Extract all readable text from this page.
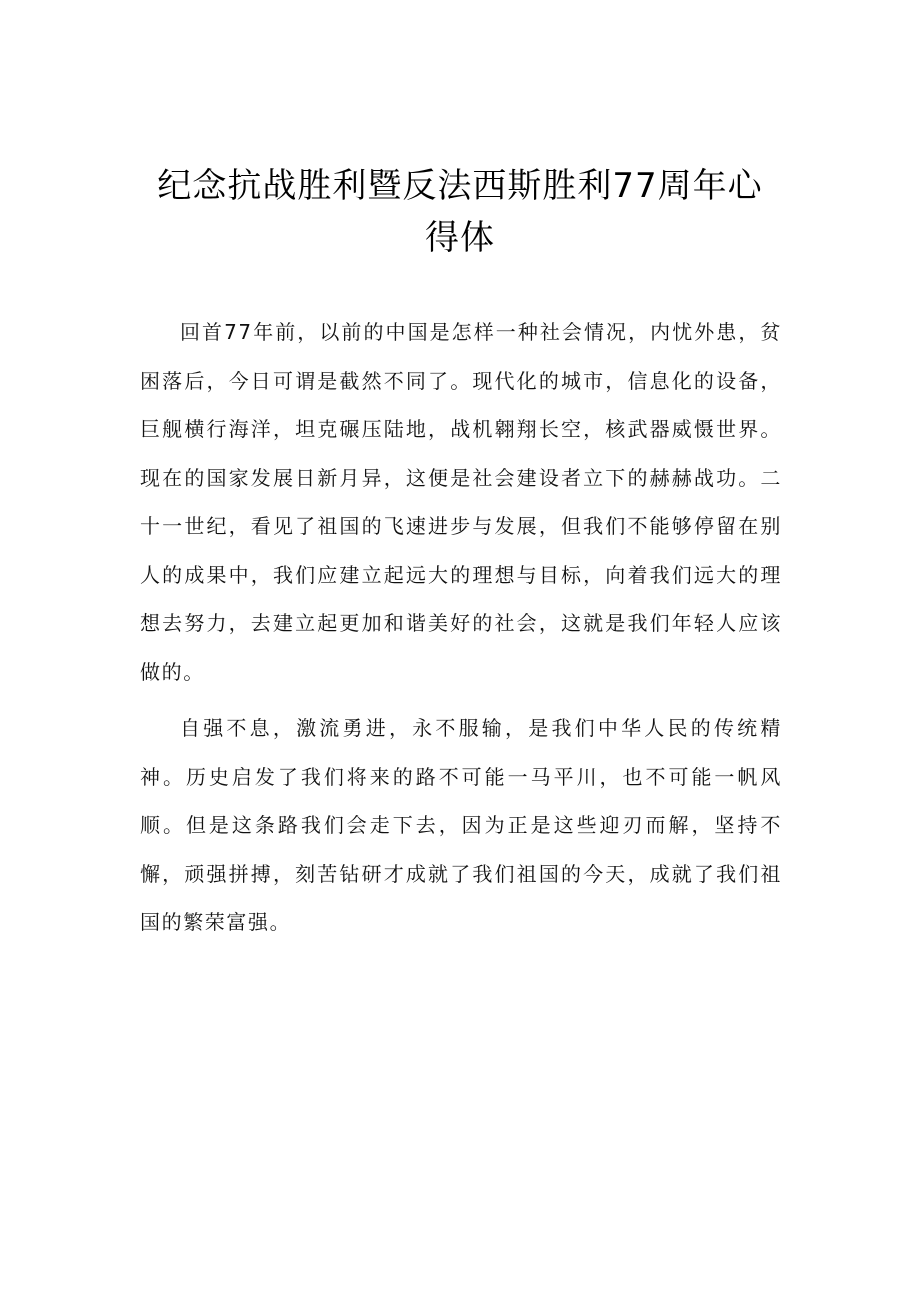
纪念抗战胜利暨反法西斯胜利77周年心得体

回首77年前，以前的中国是怎样一种社会情况，内忧外患，贫困落后，今日可谓是截然不同了。现代化的城市，信息化的设备，巨舰横行海洋，坦克碾压陆地，战机翱翔长空，核武器威慑世界。现在的国家发展日新月异，这便是社会建设者立下的赫赫战功。二十一世纪，看见了祖国的飞速进步与发展，但我们不能够停留在别人的成果中，我们应建立起远大的理想与目标，向着我们远大的理想去努力，去建立起更加和谐美好的社会，这就是我们年轻人应该做的。

自强不息，激流勇进，永不服输，是我们中华人民的传统精神。历史启发了我们将来的路不可能一马平川，也不可能一帆风顺。但是这条路我们会走下去，因为正是这些迎刃而解，坚持不懈，顽强拼搏，刻苦钻研才成就了我们祖国的今天，成就了我们祖国的繁荣富强。
